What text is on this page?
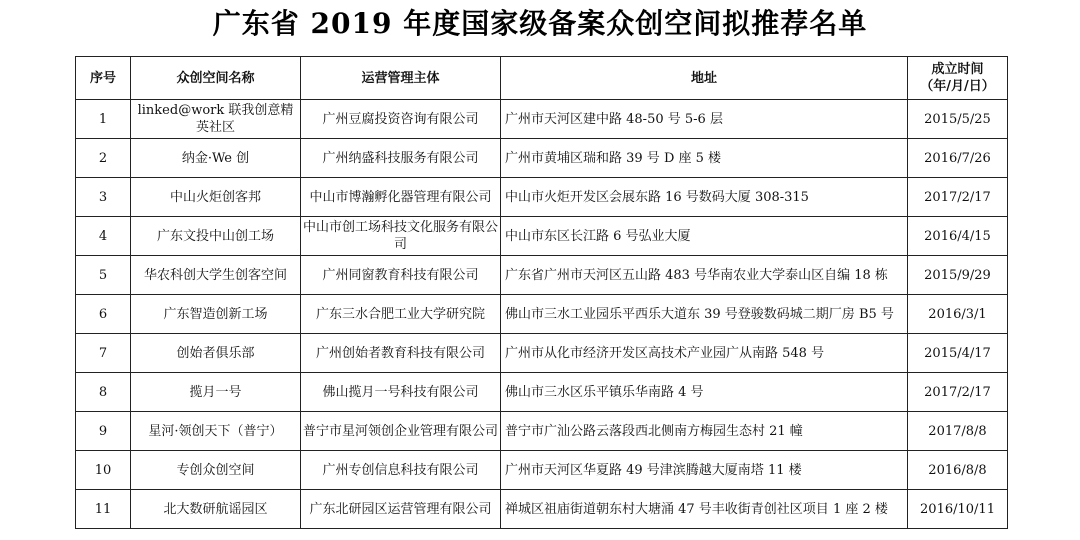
广东省 2019 年度国家级备案众创空间拟推荐名单
序号	众创空间名称	运营管理主体	地址	成立时间
（年/月/日）

1	linked@work 联我创意精英社区	广州豆腐投资咨询有限公司	广州市天河区建中路 48-50 号 5-6 层	2015/5/25
2	纳金·We 创	广州纳盛科技服务有限公司	广州市黄埔区瑞和路 39 号 D 座 5 楼	2016/7/26
3	中山火炬创客邦	中山市博瀚孵化器管理有限公司	中山市火炬开发区会展东路 16 号数码大厦 308-315	2017/2/17
4	广东文投中山创工场	中山市创工场科技文化服务有限公司	中山市东区长江路 6 号弘业大厦	2016/4/15
5	华农科创大学生创客空间	广州同窗教育科技有限公司	广东省广州市天河区五山路 483 号华南农业大学泰山区自编 18 栋	2015/9/29
6	广东智造创新工场	广东三水合肥工业大学研究院	佛山市三水工业园乐平西乐大道东 39 号登骏数码城二期厂房 B5 号	2016/3/1
7	创始者俱乐部	广州创始者教育科技有限公司	广州市从化市经济开发区高技术产业园广从南路 548 号	2015/4/17
8	揽月一号	佛山揽月一号科技有限公司	佛山市三水区乐平镇乐华南路 4 号	2017/2/17
9	星河·领创天下（普宁）	普宁市星河领创企业管理有限公司	普宁市广汕公路云落段西北侧南方梅园生态村 21 幢	2017/8/8
10	专创众创空间	广州专创信息科技有限公司	广州市天河区华夏路 49 号津滨腾越大厦南塔 11 楼	2016/8/8
11	北大数研航谣园区	广东北研园区运营管理有限公司	禅城区祖庙街道朝东村大塘涌 47 号丰收街青创社区项目 1 座 2 楼	2016/10/11
